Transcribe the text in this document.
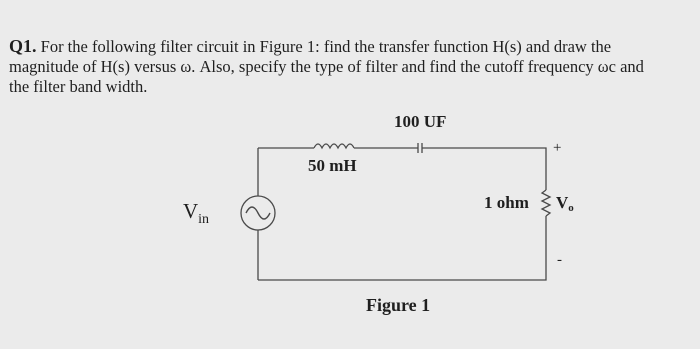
Q1. For the following filter circuit in Figure 1: find the transfer function H(s) and draw the
magnitude of H(s) versus ω. Also, specify the type of filter and find the cutoff frequency ωc and
the filter band width.
100 UF
50 mH
+
-
1 ohm Vo
$V_{in}$
Figure 1
